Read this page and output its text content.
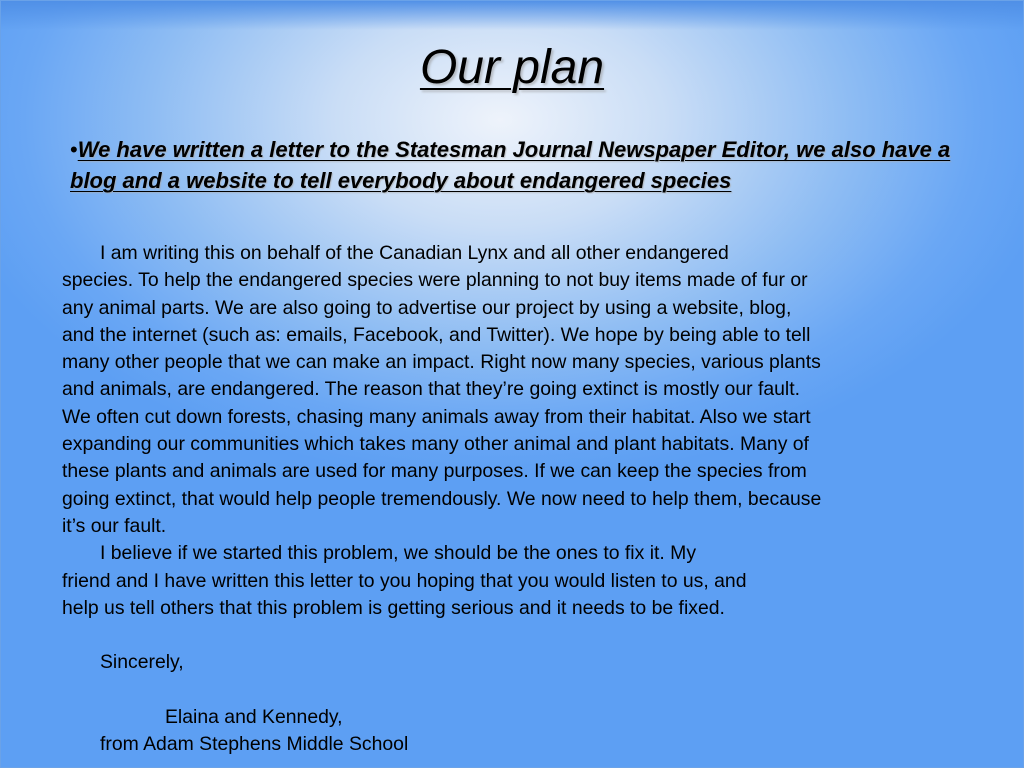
Our plan
•We have written a letter to the Statesman Journal Newspaper Editor, we also have a blog and a website to tell everybody about endangered species

I am writing this on behalf of the Canadian Lynx and all other endangered

species. To help the endangered species were planning to not buy items made of fur or

any animal parts. We are also going to advertise our project by using a website, blog,

and the internet (such as: emails, Facebook, and Twitter). We hope by being able to tell

many other people that we can make an impact. Right now many species, various plants

and animals, are endangered. The reason that they’re going extinct is mostly our fault.

We often cut down forests, chasing many animals away from their habitat. Also we start

expanding our communities which takes many other animal and plant habitats. Many of

these plants and animals are used for many purposes. If we can keep the species from

going extinct, that would help people tremendously. We now need to help them, because

it’s our fault.

I believe if we started this problem, we should be the ones to fix it. My

friend and I have written this letter to you hoping that you would listen to us, and

help us tell others that this problem is getting serious and it needs to be fixed.

Sincerely,

Elaina and Kennedy,

from Adam Stephens Middle School
